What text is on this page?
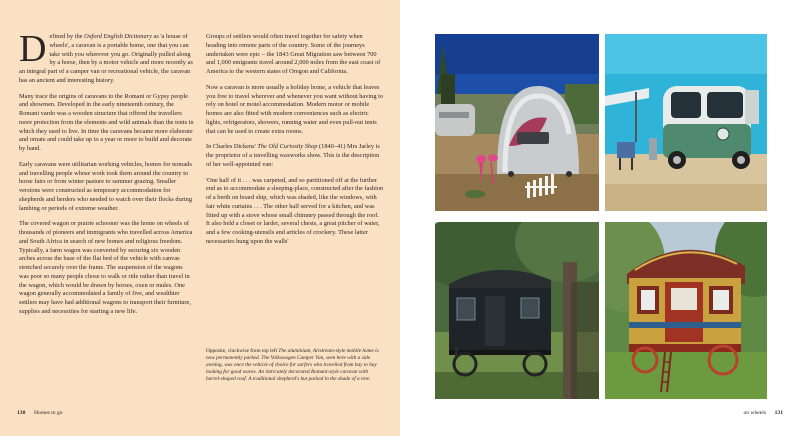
Defined by the Oxford English Dictionary as 'a house of wheels', a caravan is a portable home, one that you can take with you wherever you go. Originally pulled along by a horse, then by a motor vehicle and more recently as an integral part of a camper van or recreational vehicle, the caravan has an ancient and interesting history.

Many trace the origins of caravans to the Romani or Gypsy people and showmen. Developed in the early nineteenth century, the Romani vardo was a wooden structure that offered the travellers more protection from the elements and wild animals than the tents in which they used to live. In time the caravans became more elaborate and ornate and could take up to a year or more to build and decorate by hand.

Early caravans were utilitarian working vehicles, homes for nomads and travelling people whose work took them around the country to horse fairs or from winter pasture to summer grazing. Smaller versions were constructed as temporary accommodation for shepherds and herders who needed to watch over their flocks during lambing or periods of extreme weather.

The covered wagon or prairie schooner was the home on wheels of thousands of pioneers and immigrants who travelled across America and South Africa in search of new homes and religious freedom. Typically, a farm wagon was converted by securing six wooden arches across the base of the flat bed of the vehicle with canvas stretched securely over the frame. The suspension of the wagons was poor so many people chose to walk or ride rather than travel in the wagon, which would be drawn by horses, oxen or mules. One wagon generally accommodated a family of five, and wealthier settlers may have had additional wagons to transport their furniture, supplies and necessities for starting a new life.

Groups of settlers would often travel together for safety when heading into remote parts of the country. Some of the journeys undertaken were epic – the 1843 Great Migration saw between 700 and 1,000 emigrants travel around 2,000 miles from the east coast of America to the western states of Oregon and California.

Now a caravan is more usually a holiday home, a vehicle that leaves you free to travel wherever and whenever you want without having to rely on hotel or motel accommodation. Modern motor or mobile homes are also fitted with modern conveniences such as electric lights, refrigerators, showers, running water and even pull-out tents that can be used to create extra rooms.

In Charles Dickens' The Old Curiosity Shop (1840–41) Mrs Jarley is the proprietor of a travelling waxworks show. This is the description of her well-appointed van:

'One half of it . . . was carpeted, and so partitioned off at the further end as to accommodate a sleeping-place, constructed after the fashion of a berth on board ship, which was shaded, like the windows, with fair white curtains . . . The other half served for a kitchen, and was fitted up with a stove whose small chimney passed through the roof. It also held a closet or larder, several chests, a great pitcher of water, and a few cooking-utensils and articles of crockery. These latter necessaries hung upon the walls'

Opposite, clockwise from top left The aluminium, Airstream-style mobile home is now permanently parked. The Volkswagen Camper Van, seen here with a side awning, was once the vehicle of choice for surfers who travelled from bay to bay looking for good waves. An intricately decorated Romani-style caravan with barrel-shaped roof. A traditional shepherd's hut parked in the shade of a tree.
130 Homes to go	on wheels 131
